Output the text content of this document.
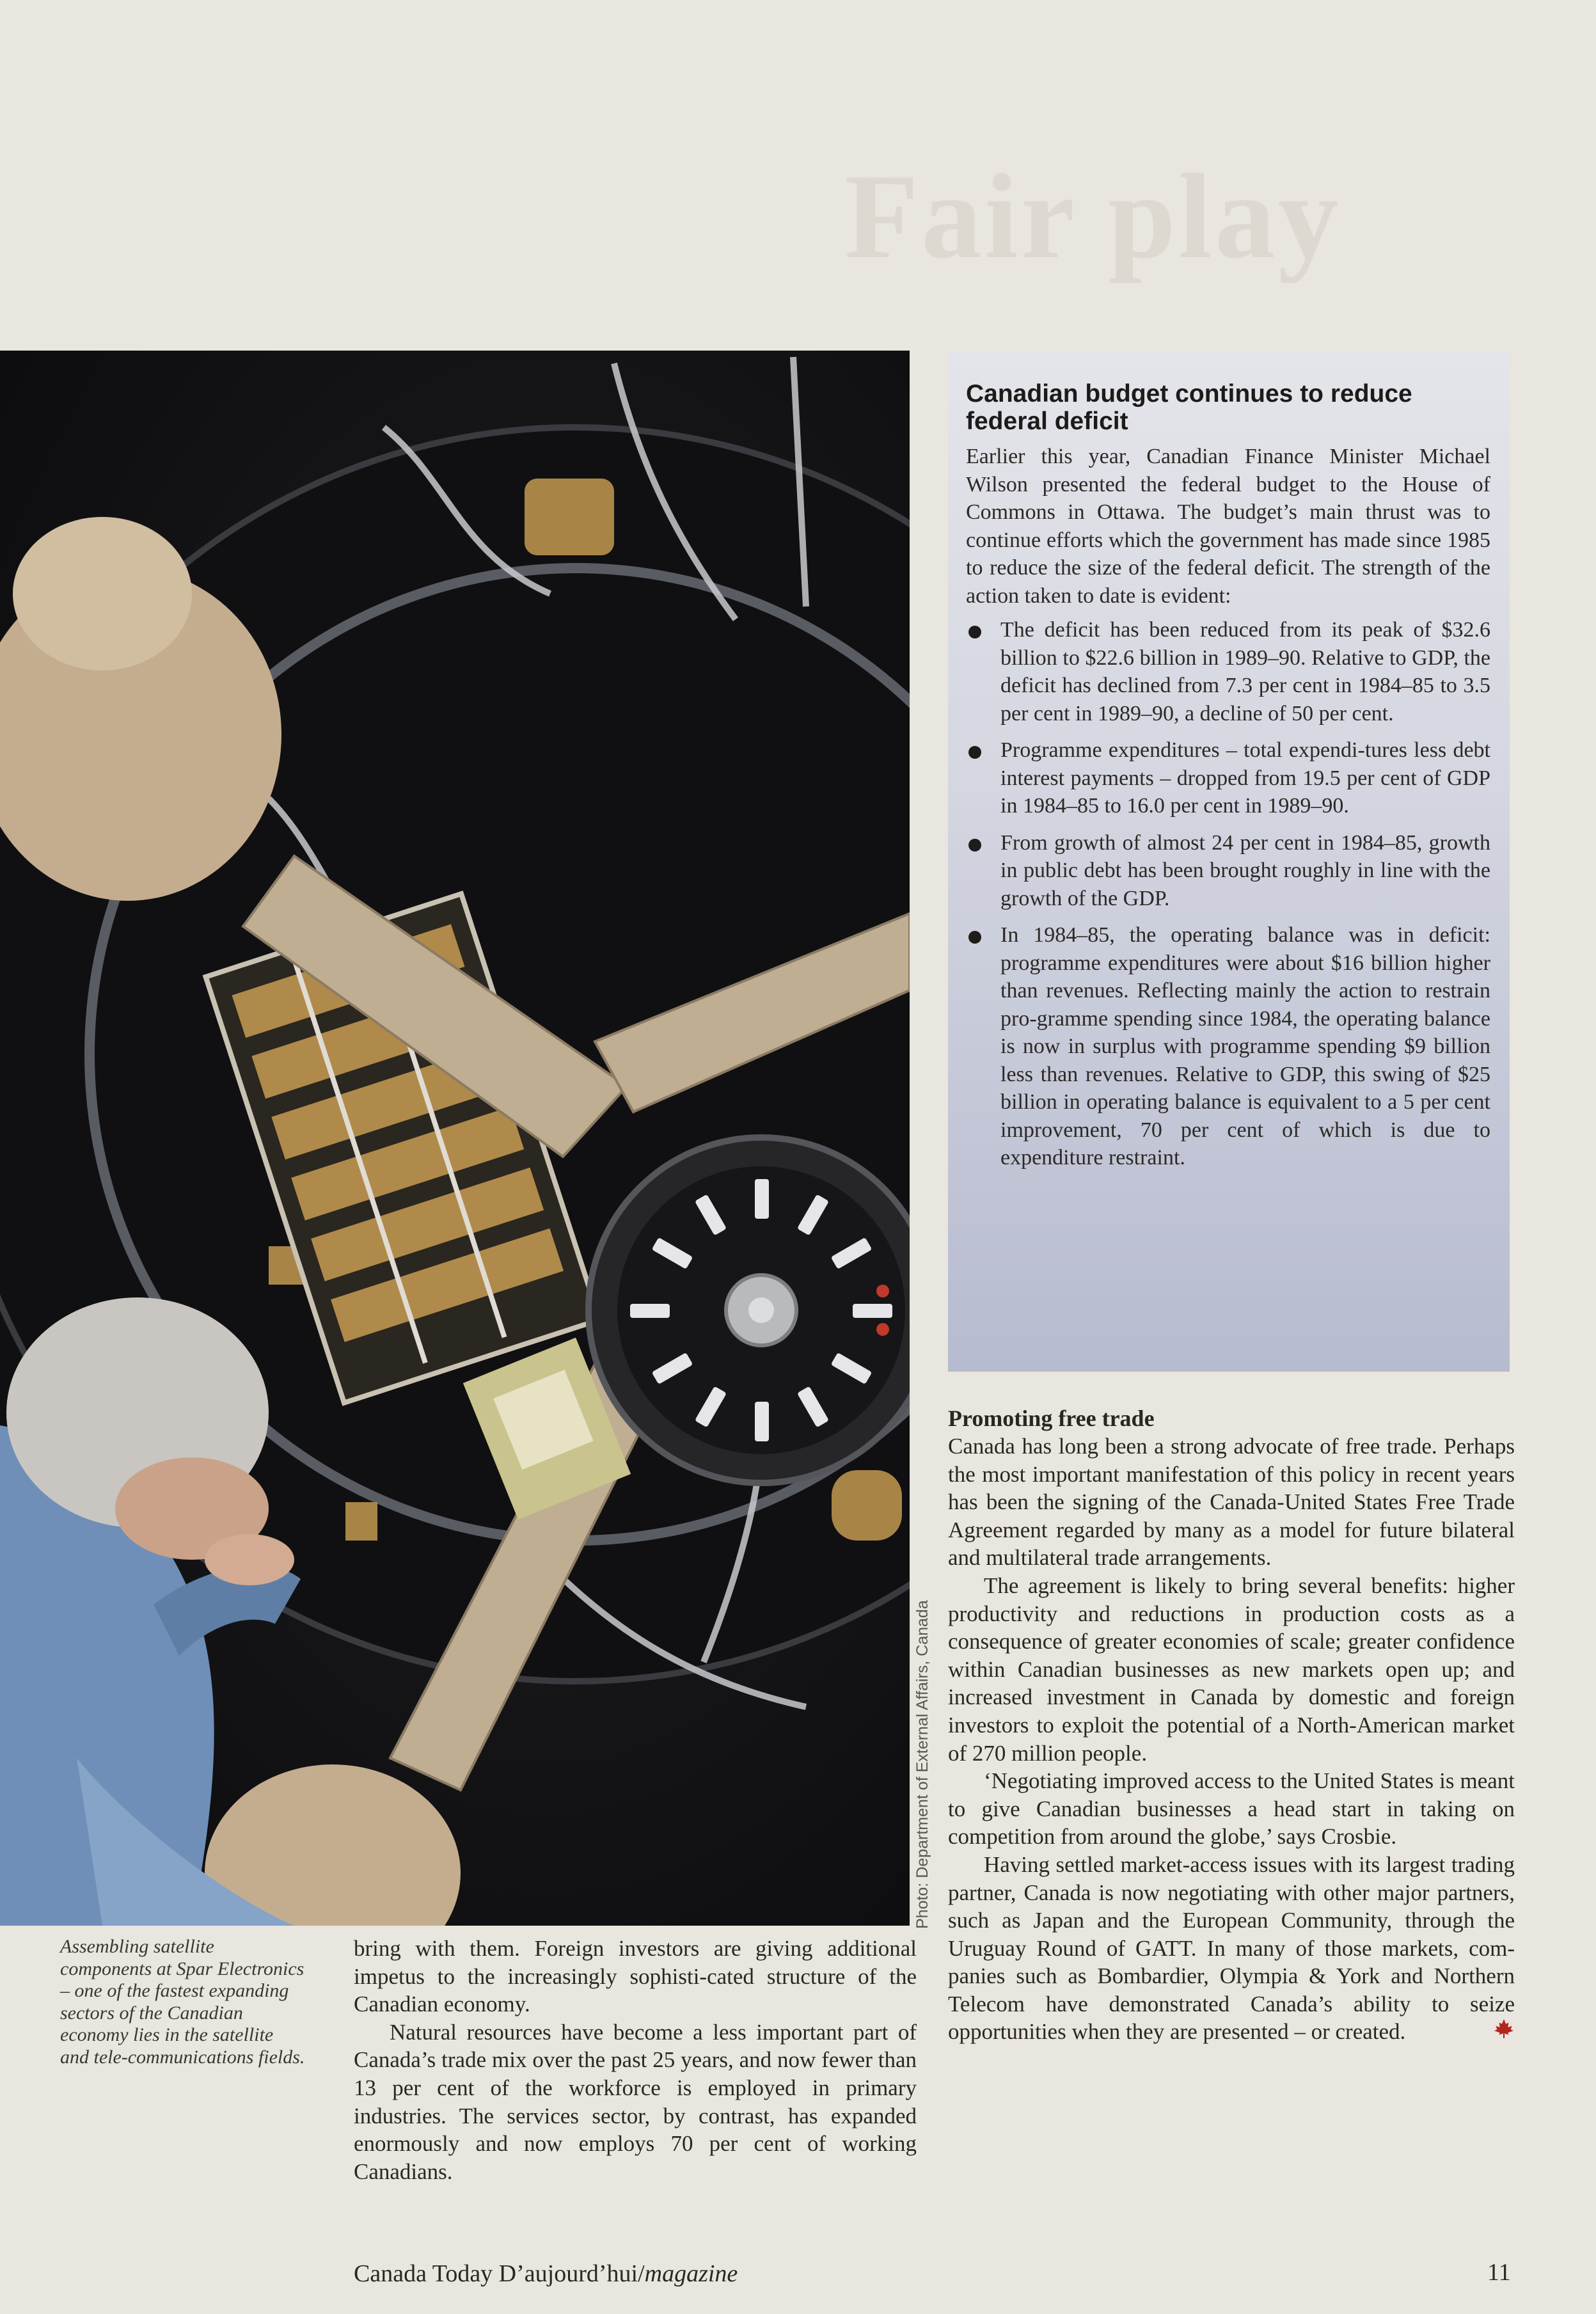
Fair play
Photo: Department of External Affairs, Canada
Assembling satellite components at Spar Electronics – one of the fastest expanding sectors of the Canadian economy lies in the satellite and tele-communications fields.
Canadian budget continues to reduce federal deficit

Earlier this year, Canadian Finance Minister Michael Wilson presented the federal budget to the House of Commons in Ottawa. The budget’s main thrust was to continue efforts which the government has made since 1985 to reduce the size of the federal deficit. The strength of the action taken to date is evident:

The deficit has been reduced from its peak of $32.6 billion to $22.6 billion in 1989–90. Relative to GDP, the deficit has declined from 7.3 per cent in 1984–85 to 3.5 per cent in 1989–90, a decline of 50 per cent.
Programme expenditures – total expendi-tures less debt interest payments – dropped from 19.5 per cent of GDP in 1984–85 to 16.0 per cent in 1989–90.
From growth of almost 24 per cent in 1984–85, growth in public debt has been brought roughly in line with the growth of the GDP.
In 1984–85, the operating balance was in deficit: programme expenditures were about $16 billion higher than revenues. Reflecting mainly the action to restrain pro-gramme spending since 1984, the operating balance is now in surplus with programme spending $9 billion less than revenues. Relative to GDP, this swing of $25 billion in operating balance is equivalent to a 5 per cent improvement, 70 per cent of which is due to expenditure restraint.

bring with them. Foreign investors are giving additional impetus to the increasingly sophisti-cated structure of the Canadian economy.

Natural resources have become a less important part of Canada’s trade mix over the past 25 years, and now fewer than 13 per cent of the workforce is employed in primary industries. The services sector, by contrast, has expanded enormously and now employs 70 per cent of working Canadians.

Promoting free trade

Canada has long been a strong advocate of free trade. Perhaps the most important manifestation of this policy in recent years has been the signing of the Canada-United States Free Trade Agreement regarded by many as a model for future bilateral and multilateral trade arrangements.

The agreement is likely to bring several benefits: higher productivity and reductions in production costs as a consequence of greater economies of scale; greater confidence within Canadian businesses as new markets open up; and increased investment in Canada by domestic and foreign investors to exploit the potential of a North-American market of 270 million people.

‘Negotiating improved access to the United States is meant to give Canadian businesses a head start in taking on competition from around the globe,’ says Crosbie.

Having settled market-access issues with its largest trading partner, Canada is now negotiating with other major partners, such as Japan and the European Community, through the Uruguay Round of GATT. In many of those markets, com-panies such as Bombardier, Olympia & York and Northern Telecom have demonstrated Canada’s ability to seize opportunities when they are presented – or created.

Canada Today D’aujourd’hui/magazine	11
